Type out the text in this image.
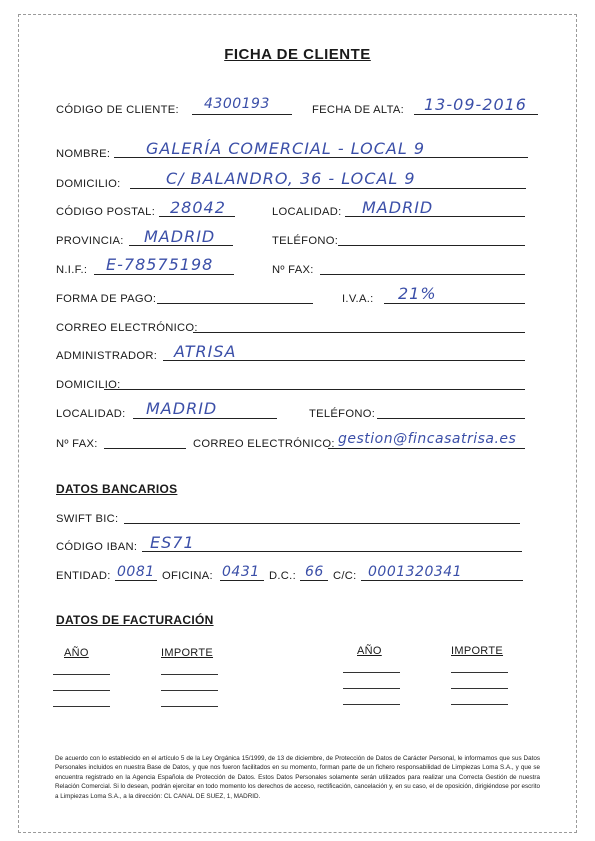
FICHA DE CLIENTE
CÓDIGO DE CLIENTE: 4300193	FECHA DE ALTA: 13-09-2016
NOMBRE: GALERÍA COMERCIAL - LOCAL 9
DOMICILIO:	C/ BALANDRO, 36 - LOCAL 9
CÓDIGO POSTAL: 28042	LOCALIDAD: MADRID
PROVINCIA: MADRID	TELÉFONO:
N.I.F.: E-78575198	Nº FAX:
FORMA DE PAGO:	I.V.A.: 21%
CORREO ELECTRÓNICO:
ADMINISTRADOR: ATRISA
DOMICILIO:
LOCALIDAD: MADRID	TELÉFONO:
Nº FAX:	CORREO ELECTRÓNICO: gestion@fincasatrisa.es
DATOS BANCARIOS
SWIFT BIC:
CÓDIGO IBAN: ES71
ENTIDAD: 0081 OFICINA: 0431 D.C.: 66 C/C: 0001320341
DATOS DE FACTURACIÓN
AÑO	IMPORTE	AÑO	IMPORTE
De acuerdo con lo establecido en el artículo 5 de la Ley Orgánica 15/1999, de 13 de diciembre, de Protección de Datos de Carácter Personal, le informamos que sus Datos Personales incluidos en nuestra Base de Datos, y que nos fueron facilitados en su momento, forman parte de un fichero responsabilidad de Limpiezas Loma S.A., y que se encuentra registrado en la Agencia Española de Protección de Datos. Estos Datos Personales solamente serán utilizados para realizar una Correcta Gestión de nuestra Relación Comercial. Si lo desean, podrán ejercitar en todo momento los derechos de acceso, rectificación, cancelación y, en su caso, el de oposición, dirigiéndose por escrito a Limpiezas Loma S.A., a la dirección: CL CANAL DE SUEZ, 1, MADRID.
